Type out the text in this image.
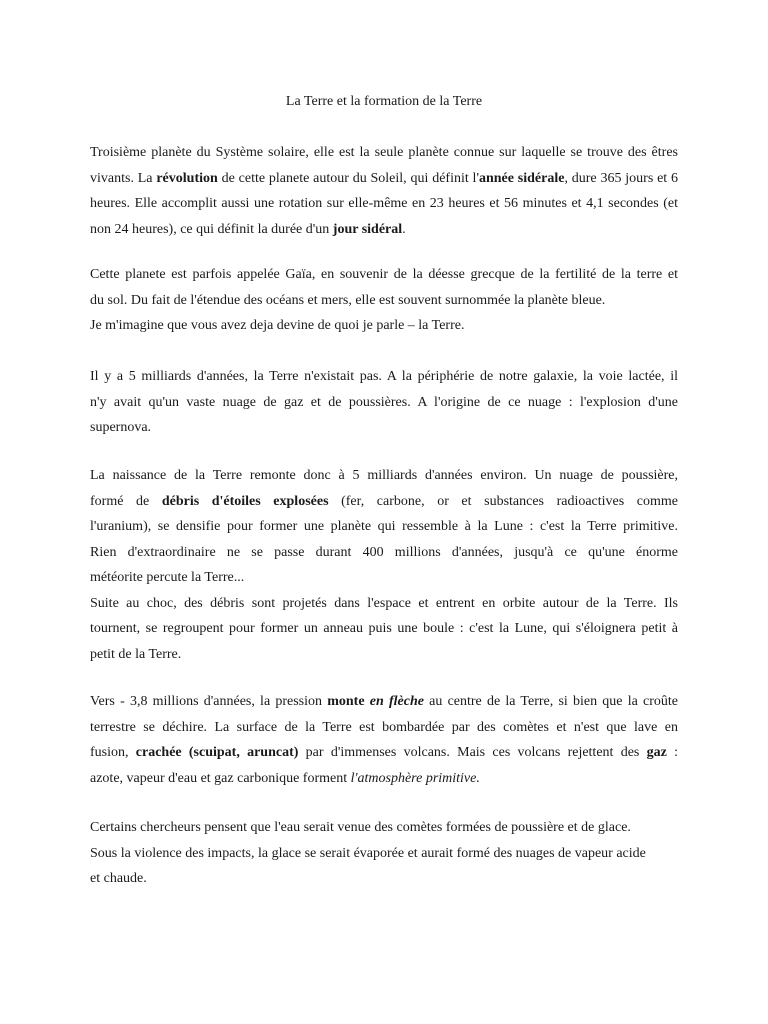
La Terre et la formation de la Terre

Troisième planète du Système solaire, elle est la seule planète connue sur laquelle se trouve des êtres vivants. La révolution de cette planete autour du Soleil, qui définit l'année sidérale, dure 365 jours et 6 heures. Elle accomplit aussi une rotation sur elle-même en 23 heures et 56 minutes et 4,1 secondes (et non 24 heures), ce qui définit la durée d'un jour sidéral.

Cette planete est parfois appelée Gaïa, en souvenir de la déesse grecque de la fertilité de la terre et
du sol. Du fait de l'étendue des océans et mers, elle est souvent surnommée la planète bleue.
Je m'imagine que vous avez deja devine de quoi je parle – la Terre.

Il y a 5 milliards d'années, la Terre n'existait pas. A la périphérie de notre galaxie, la voie lactée, il
n'y avait qu'un vaste nuage de gaz et de poussières. A l'origine de ce nuage : l'explosion d'une
supernova.

La naissance de la Terre remonte donc à 5 milliards d'années environ. Un nuage de poussière,
formé de débris d'étoiles explosées (fer, carbone, or et substances radioactives comme
l'uranium), se densifie pour former une planète qui ressemble à la Lune : c'est la Terre primitive.
Rien d'extraordinaire ne se passe durant 400 millions d'années, jusqu'à ce qu'une énorme
météorite percute la Terre...
Suite au choc, des débris sont projetés dans l'espace et entrent en orbite autour de la Terre. Ils
tournent, se regroupent pour former un anneau puis une boule : c'est la Lune, qui s'éloignera petit à
petit de la Terre.

Vers - 3,8 millions d'années, la pression monte en flèche au centre de la Terre, si bien que la croûte
terrestre se déchire. La surface de la Terre est bombardée par des comètes et n'est que lave en
fusion, crachée (scuipat, aruncat) par d'immenses volcans. Mais ces volcans rejettent des gaz :
azote, vapeur d'eau et gaz carbonique forment l'atmosphère primitive.

Certains chercheurs pensent que l'eau serait venue des comètes formées de poussière et de glace.
Sous la violence des impacts, la glace se serait évaporée et aurait formé des nuages de vapeur acide
et chaude.
